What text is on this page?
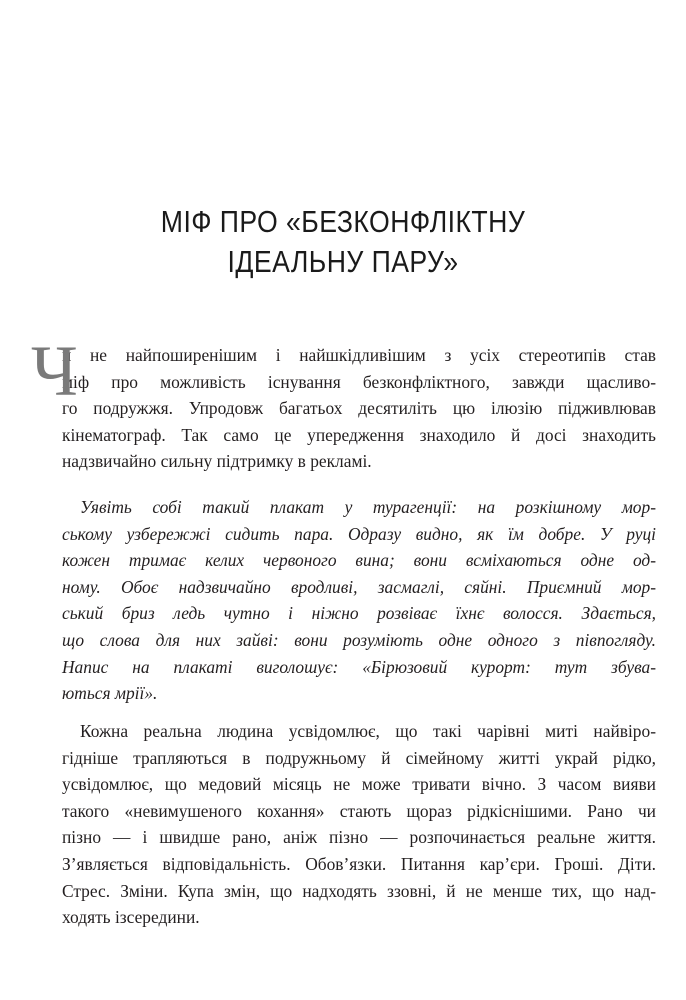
МІФ ПРО «БЕЗКОНФЛІКТНУ
ІДЕАЛЬНУ ПАРУ»
Ч
и не найпоширенішим і найшкідливішим з усіх стереотипів став
міф про можливість існування безконфліктного, завжди щасливо-
го подружжя. Упродовж багатьох десятиліть цю ілюзію підживлював
кінематограф. Так само це упередження знаходило й досі знаходить
надзвичайно сильну підтримку в рекламі.
Уявіть собі такий плакат у турагенції: на розкішному мор-
ському узбережжі сидить пара. Одразу видно, як їм добре. У руці
кожен тримає келих червоного вина; вони всміхаються одне од-
ному. Обоє надзвичайно вродливі, засмаглі, сяйні. Приємний мор-
ський бриз ледь чутно і ніжно розвіває їхнє волосся. Здається,
що слова для них зайві: вони розуміють одне одного з півпогляду.
Напис на плакаті виголошує: «Бірюзовий курорт: тут збува-
ються мрії».
Кожна реальна людина усвідомлює, що такі чарівні миті найвіро-
гідніше трапляються в подружньому й сімейному житті украй рідко,
усвідомлює, що медовий місяць не може тривати вічно. З часом вияви
такого «невимушеного кохання» стають щораз рідкіснішими. Рано чи
пізно — і швидше рано, аніж пізно — розпочинається реальне життя.
З’являється відповідальність. Обов’язки. Питання кар’єри. Гроші. Діти.
Стрес. Зміни. Купа змін, що надходять ззовні, й не менше тих, що над-
ходять ізсередини.
